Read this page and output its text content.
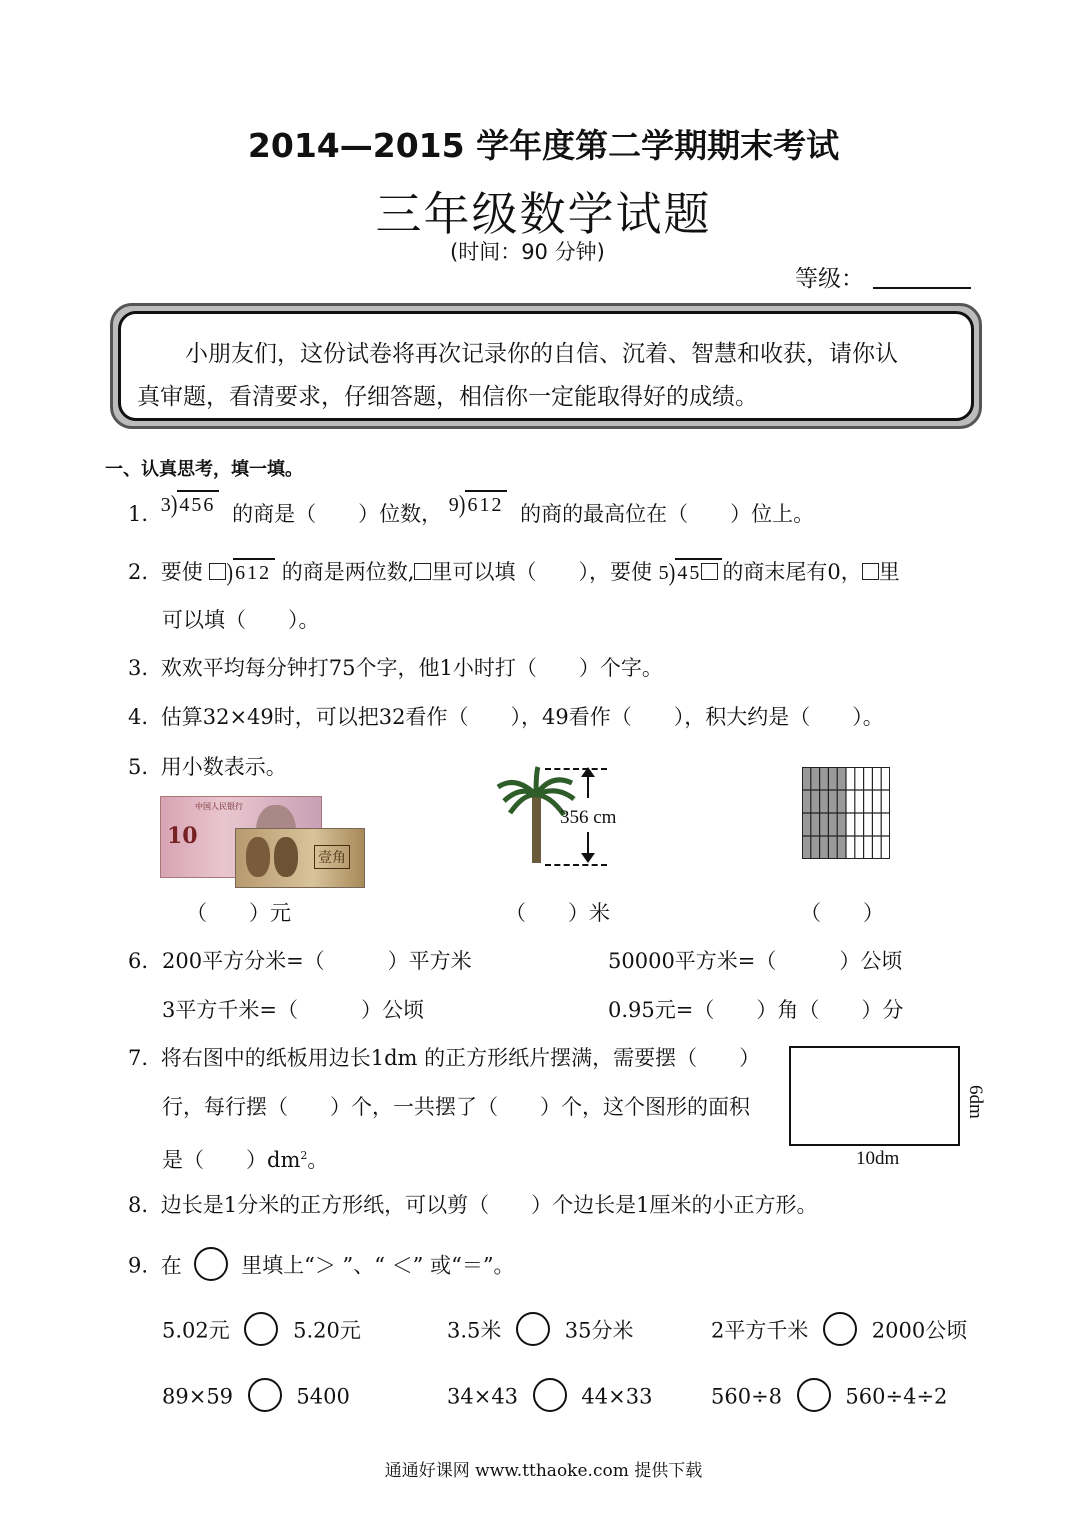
2014—2015 学年度第二学期期末考试
三年级数学试题
(时间：90 分钟)
等级：
小朋友们，这份试卷将再次记录你的自信、沉着、智慧和收获，请你认
真审题，看清要求，仔细答题，相信你一定能取得好的成绩。
一、认真思考，填一填。
1. 3) 456 的商是（　　）位数， 9) 612 的商的最高位在（　　）位上。
2. 要使 ) 612 的商是两位数, 里可以填（　　），要使 5) 45 的商末尾有0， 里
可以填（　　）。
3. 欢欢平均每分钟打75个字，他1小时打（　　）个字。
4. 估算32×49时，可以把32看作（　　），49看作（　　），积大约是（　　）。
5. 用小数表示。
中国人民银行
10
壹角
356 cm
（　　）元	（　　）米	（　　）
6. 200平方分米=（　　　）平方米	50000平方米=（　　　）公顷
3平方千米=（　　　）公顷	0.95元=（　　）角（　　）分
7. 将右图中的纸板用边长1dm 的正方形纸片摆满，需要摆（　　）
行，每行摆（　　）个，一共摆了（　　）个，这个图形的面积
是（　　）$dm^2$。	10dm
6dm
8. 边长是1分米的正方形纸，可以剪（　　）个边长是1厘米的小正方形。
9. 在	里填上“＞ ”、“ ＜” 或“＝”。
5.02元	5.20元	3.5米	35分米	2平方千米	2000公顷
89×59	5400	34×43	44×33	560÷8	560÷4÷2
通通好课网 www.tthaoke.com 提供下载
